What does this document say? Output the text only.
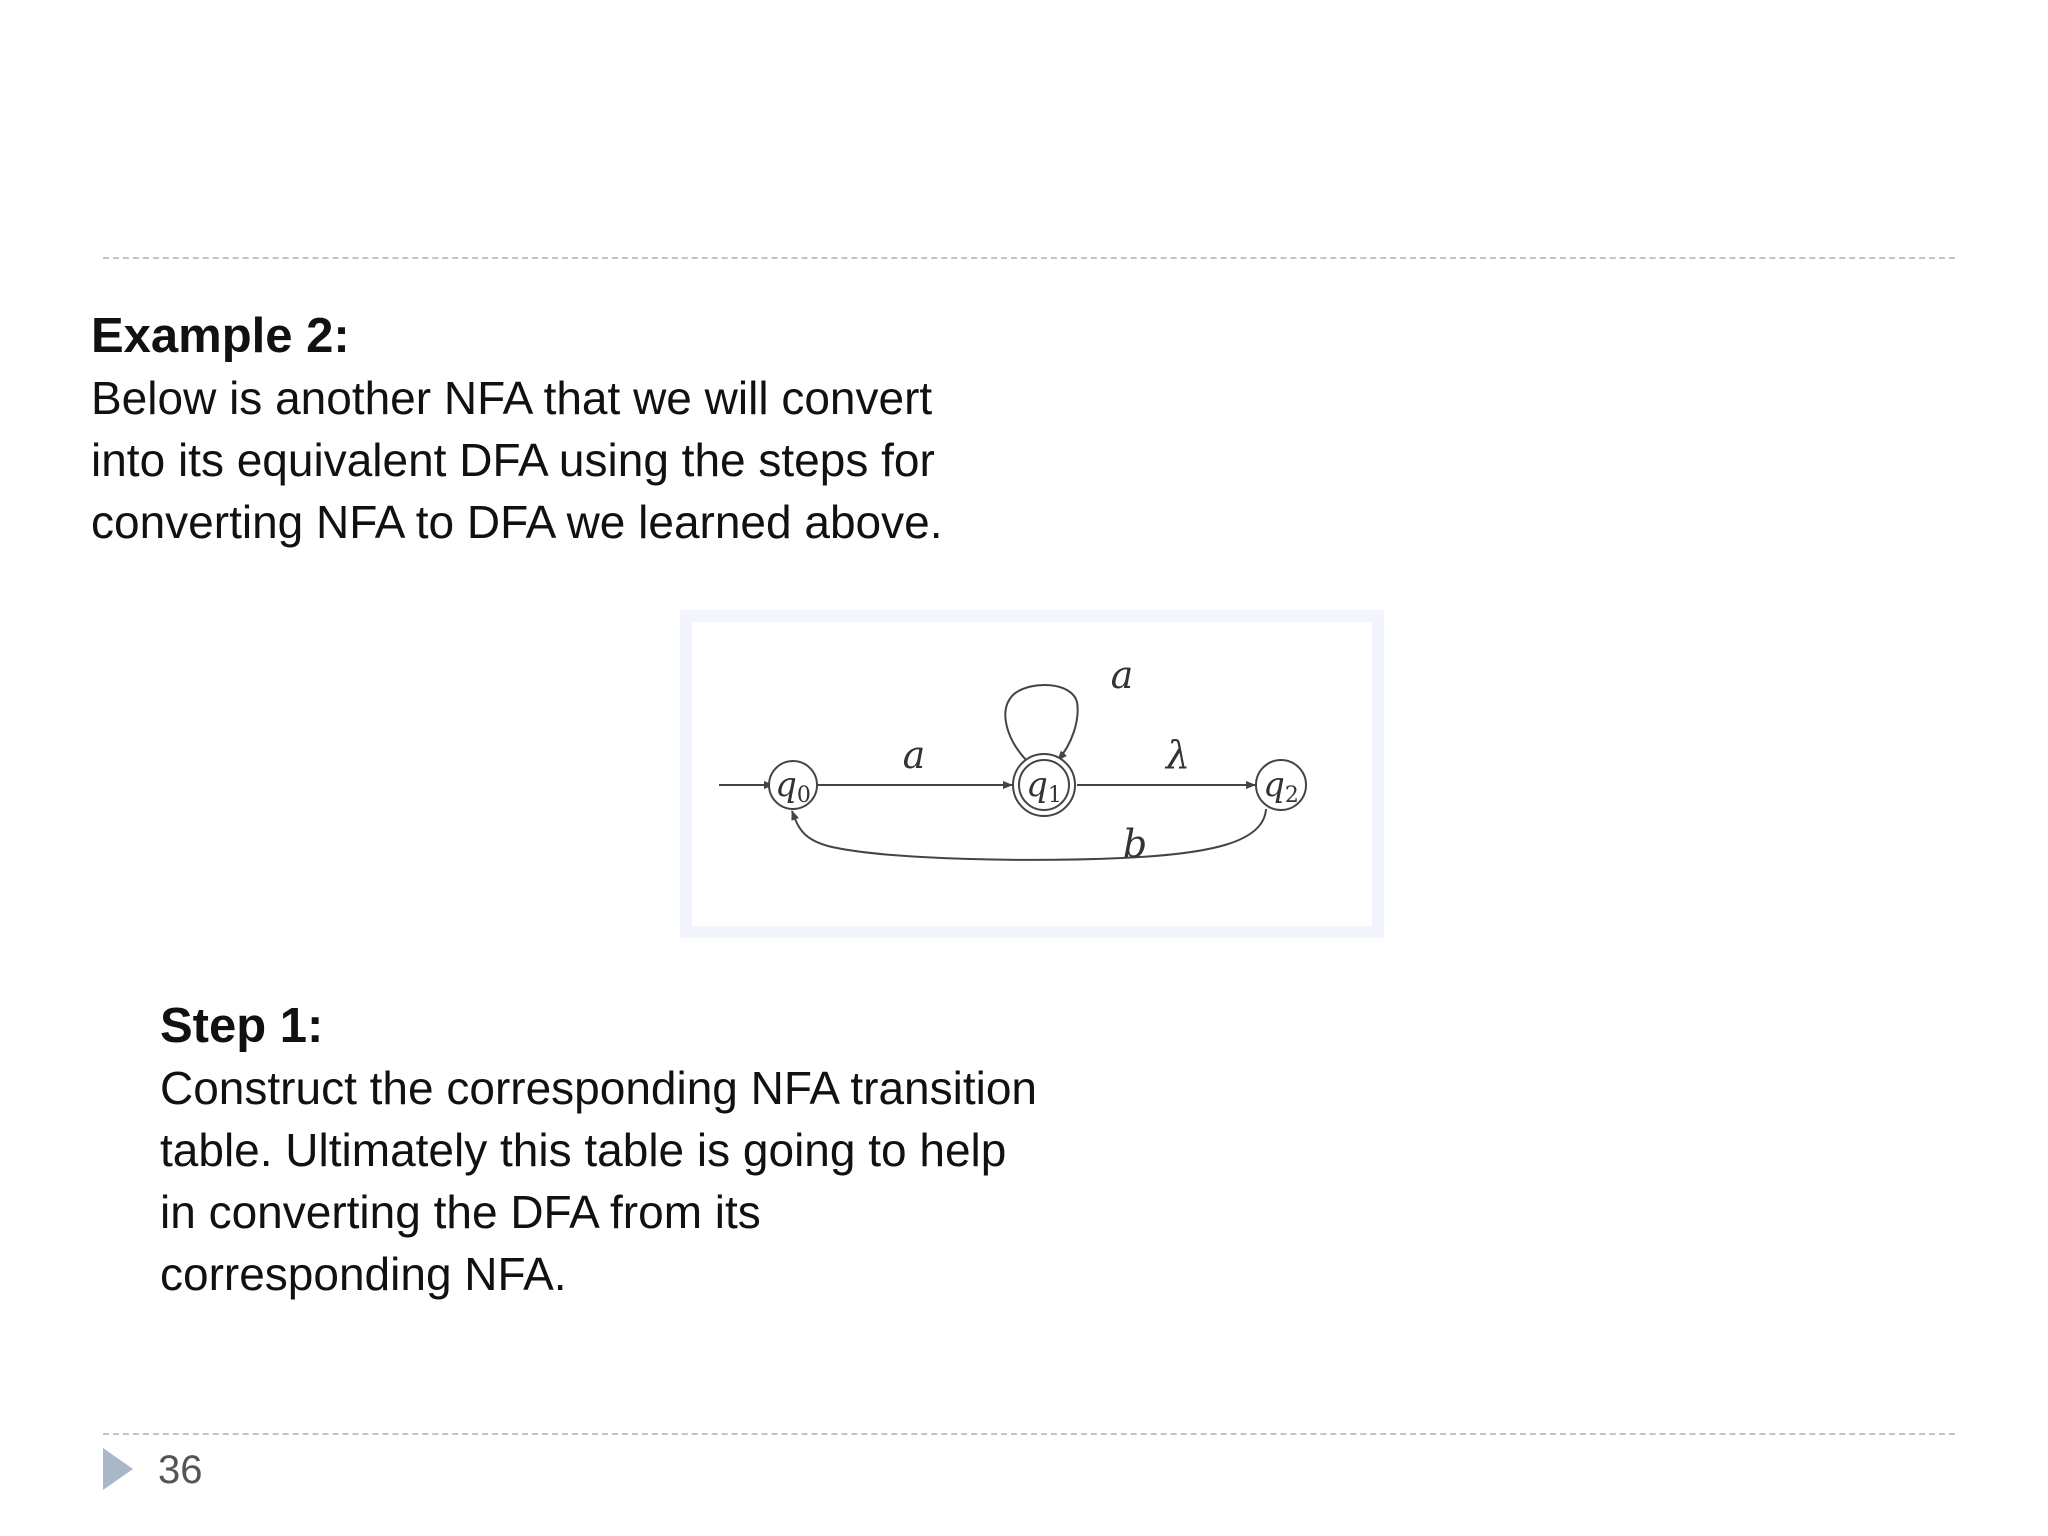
Example 2:

Below is another NFA that we will convert

into its equivalent DFA using the steps for

converting NFA to DFA we learned above.

q0	q1	q2
a
a
λ
b

Step 1:

Construct the corresponding NFA transition

table. Ultimately this table is going to help

in converting the DFA from its

corresponding NFA.

36
